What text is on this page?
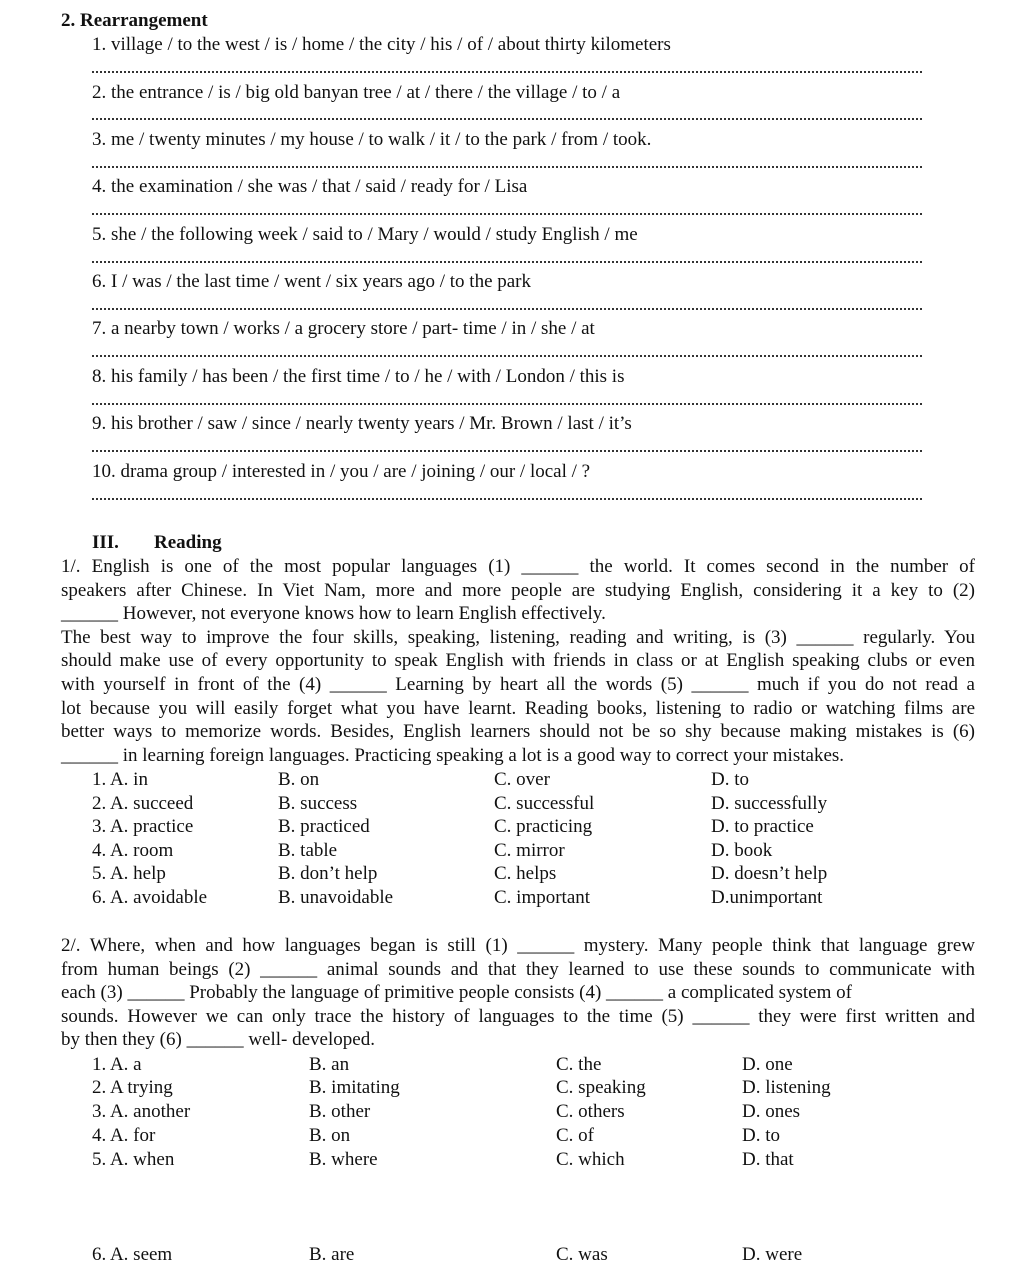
2. Rearrangement
1. village / to the west / is / home / the city / his / of / about thirty kilometers
2. the entrance / is / big old banyan tree / at / there / the village / to / a
3. me / twenty minutes / my house / to walk / it / to the park / from / took.
4. the examination / she was / that / said / ready for / Lisa
5. she / the following week / said to / Mary / would / study English / me
6. I / was / the last time / went / six years ago / to the park
7. a nearby town / works / a grocery store / part- time / in / she / at
8. his family / has been / the first time / to / he / with / London / this is
9. his brother / saw / since / nearly twenty years / Mr. Brown / last / it’s
10. drama group / interested in / you / are / joining / our / local / ?
III. Reading
1/. English is one of the most popular languages (1) ______ the world. It comes second in the number of
speakers after Chinese. In Viet Nam, more and more people are studying English, considering it a key to (2)
______ However, not everyone knows how to learn English effectively.
The best way to improve the four skills, speaking, listening, reading and writing, is (3) ______ regularly. You
should make use of every opportunity to speak English with friends in class or at English speaking clubs or even
with yourself in front of the (4) ______ Learning by heart all the words (5) ______ much if you do not read a
lot because you will easily forget what you have learnt. Reading books, listening to radio or watching films are
better ways to memorize words. Besides, English learners should not be so shy because making mistakes is (6)
______ in learning foreign languages. Practicing speaking a lot is a good way to correct your mistakes.
1. A. in	B. on	C. over	D. to
2. A. succeed	B. success	C. successful	D. successfully
3. A. practice	B. practiced	C. practicing	D. to practice
4. A. room	B. table	C. mirror	D. book
5. A. help	B. don’t help	C. helps	D. doesn’t help
6. A. avoidable	B. unavoidable	C. important	D.unimportant
2/. Where, when and how languages began is still (1) ______ mystery. Many people think that language grew
from human beings (2) ______ animal sounds and that they learned to use these sounds to communicate with
each (3) ______ Probably the language of primitive people consists (4) ______ a complicated system of
sounds. However we can only trace the history of languages to the time (5) ______ they were first written and
by then they (6) ______ well- developed.
1. A. a	B. an	C. the	D. one
2. A trying	B. imitating	C. speaking	D. listening
3. A. another	B. other	C. others	D. ones
4. A. for	B. on	C. of	D. to
5. A. when	B. where	C. which	D. that
6. A. seem	B. are	C. was	D. were
